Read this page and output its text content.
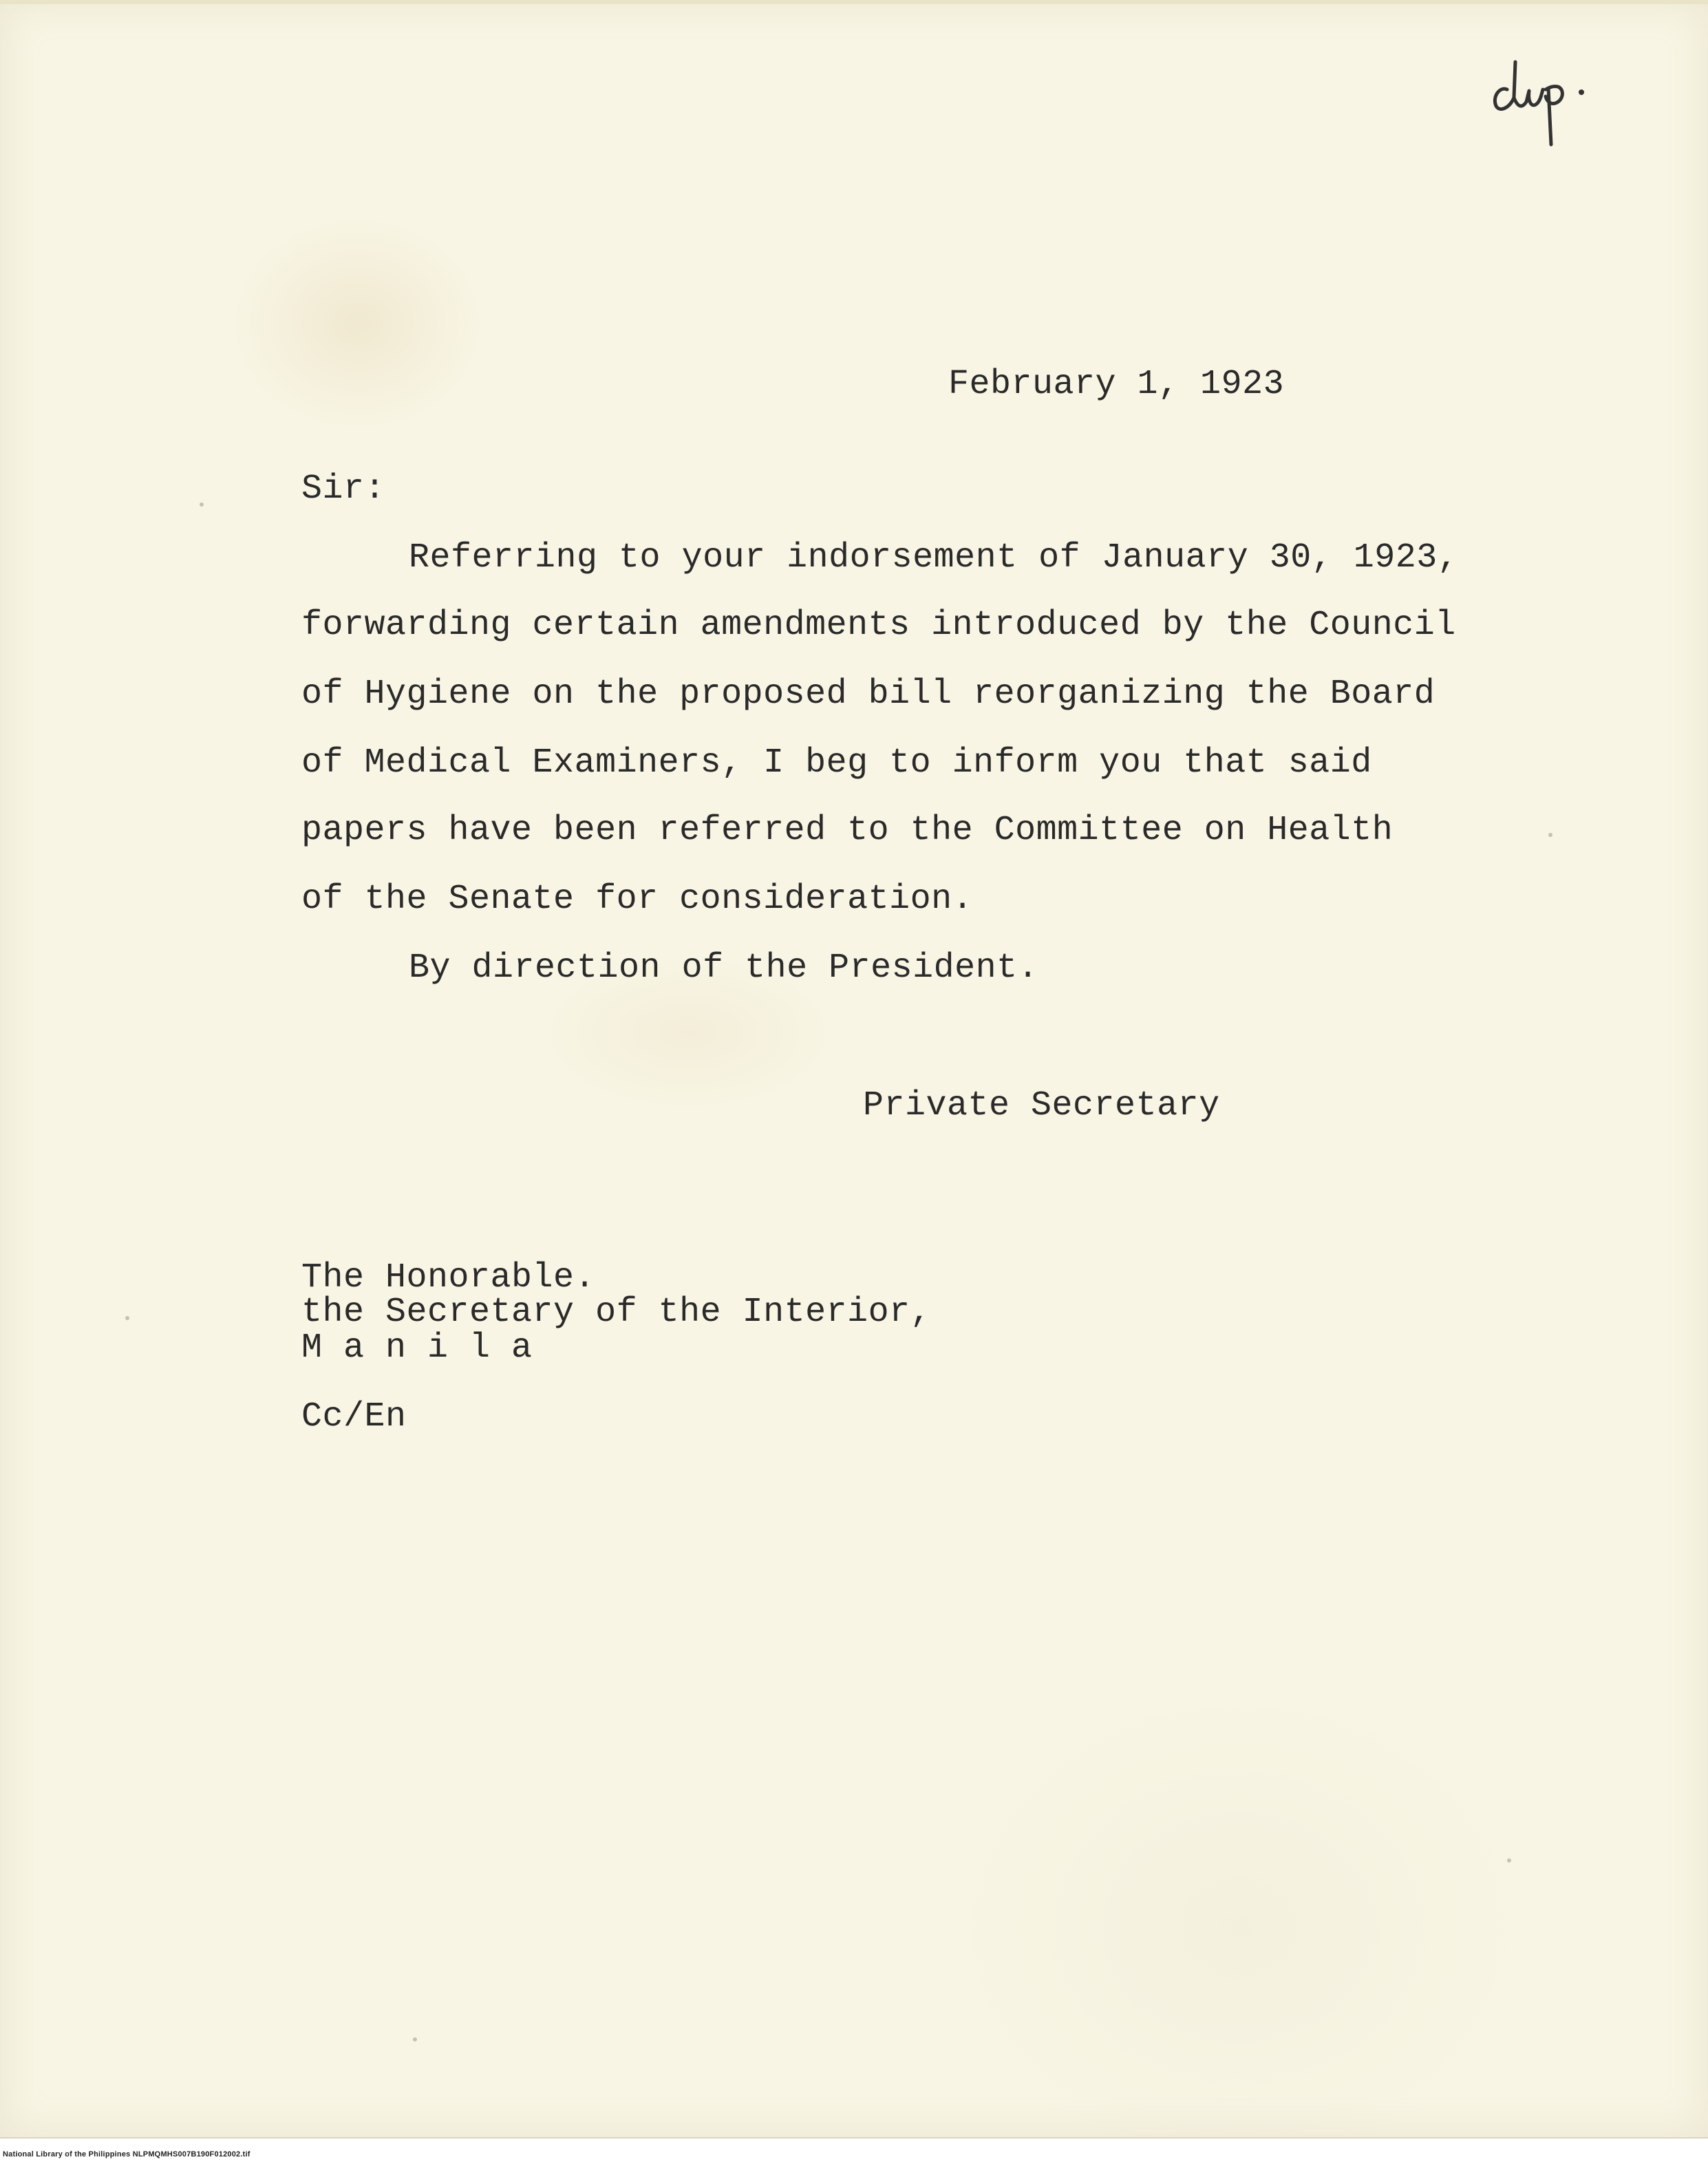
February 1, 1923
Sir:
Referring to your indorsement of January 30, 1923,
forwarding certain amendments introduced by the Council
of Hygiene on the proposed bill reorganizing the Board
of Medical Examiners, I beg to inform you that said
papers have been referred to the Committee on Health
of the Senate for consideration.
By direction of the President.
Private Secretary
The Honorable.
the Secretary of the Interior,
M a n i l a
Cc/En
National Library of the Philippines NLPMQMHS007B190F012002.tif
